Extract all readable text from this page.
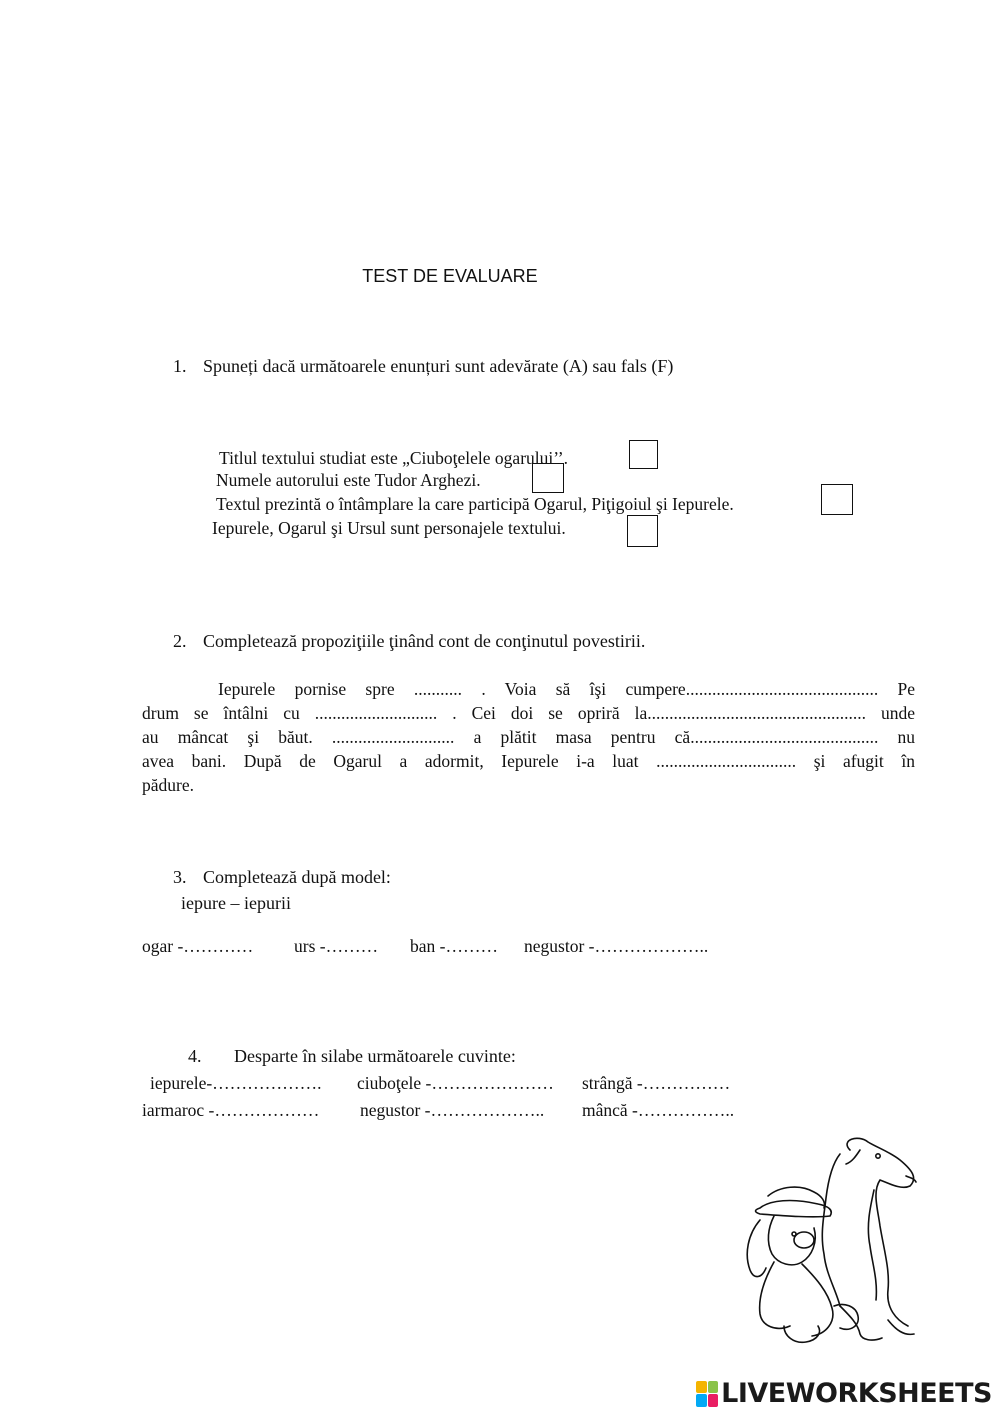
TEST DE EVALUARE
1. Spuneți dacă următoarele enunțuri sunt adevărate (A) sau fals (F)
Titlul textului studiat este „Ciuboţelele ogarului’’.
Numele autorului este Tudor Arghezi.
Textul prezintă o întâmplare la care participă Ogarul, Piţigoiul şi Iepurele.
Iepurele, Ogarul şi Ursul sunt personajele textului.
2. Completează propoziţiile ţinând cont de conţinutul povestirii.
Iepurele pornise spre ........... . Voia să îşi cumpere............................................ Pe
drum se întâlni cu ............................ . Cei doi se opriră la.................................................. unde
au mâncat şi băut. ............................ a plătit masa pentru că........................................... nu
avea bani. După de Ogarul a adormit, Iepurele i-a luat ................................ şi afugit în
pădure.
3. Completează după model:
iepure – iepurii
ogar -………… urs -……… ban -……… negustor -………………..
4. Desparte în silabe următoarele cuvinte:
iepurele-………………. ciuboţele -………………… strângă -……………
iarmaroc -……………… negustor -……………….. mâncă -……………..
LIVEWORKSHEETS
